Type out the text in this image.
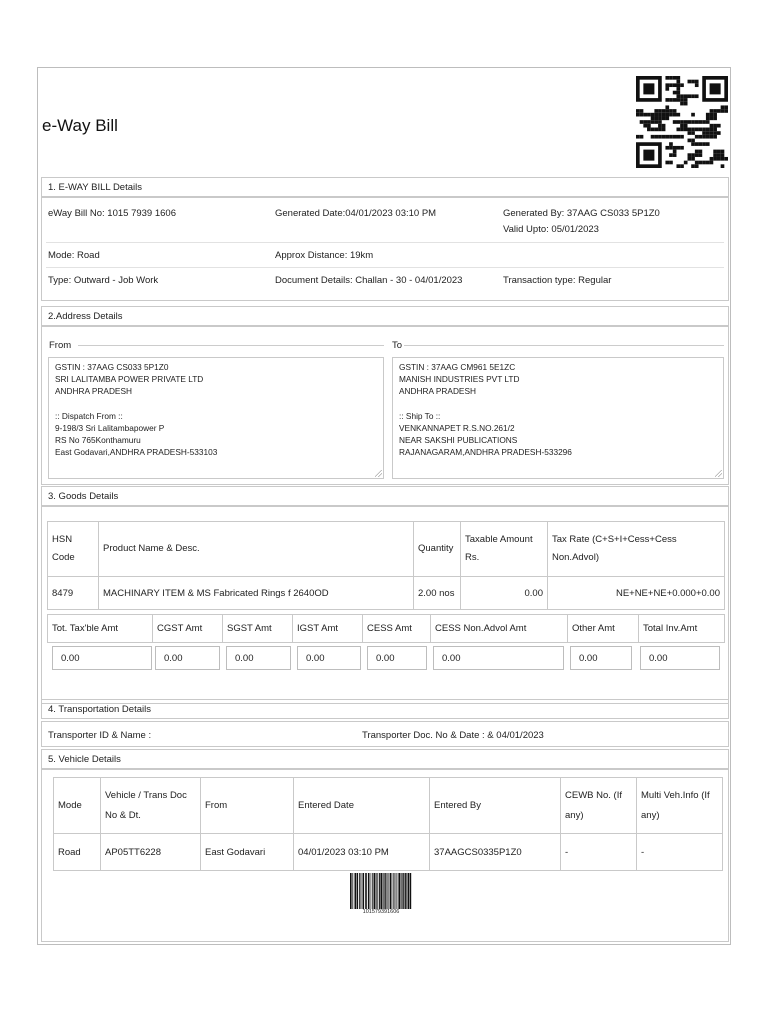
e-Way Bill
1. E-WAY BILL Details
eWay Bill No: 1015 7939 1606	Generated Date:04/01/2023 03:10 PM	Generated By: 37AAG CS033 5P1Z0
Valid Upto: 05/01/2023
Mode: Road	Approx Distance: 19km
Type: Outward - Job Work	Document Details: Challan - 30 - 04/01/2023	Transaction type: Regular
2.Address Details
From	To
GSTIN : 37AAG CS033 5P1Z0
SRI LALITAMBA POWER PRIVATE LTD
ANDHRA PRADESH

:: Dispatch From ::
9-198/3 Sri Lalitambapower P
RS No 765Konthamuru
East Godavari,ANDHRA PRADESH-533103
GSTIN : 37AAG CM961 5E1ZC
MANISH INDUSTRIES PVT LTD
ANDHRA PRADESH

:: Ship To ::
VENKANNAPET R.S.NO.261/2
NEAR SAKSHI PUBLICATIONS
RAJANAGARAM,ANDHRA PRADESH-533296
3. Goods Details
HSN Code	Product Name & Desc.	Quantity	Taxable Amount Rs.	Tax Rate (C+S+I+Cess+Cess Non.Advol)
8479	MACHINARY ITEM & MS Fabricated Rings f 2640OD	2.00 nos	0.00	NE+NE+NE+0.000+0.00
Tot. Tax'ble Amt	CGST Amt	SGST Amt	IGST Amt	CESS Amt	CESS Non.Advol Amt	Other Amt	Total Inv.Amt

0.00	0.00	0.00	0.00	0.00	0.00	0.00	0.00
4. Transportation Details
Transporter ID & Name :	Transporter Doc. No & Date : & 04/01/2023
5. Vehicle Details
Mode	Vehicle / Trans Doc No & Dt.	From	Entered Date	Entered By	CEWB No. (If any)	Multi Veh.Info (If any)
Road	AP05TT6228	East Godavari	04/01/2023 03:10 PM	37AAGCS0335P1Z0	-	-
101579391606
